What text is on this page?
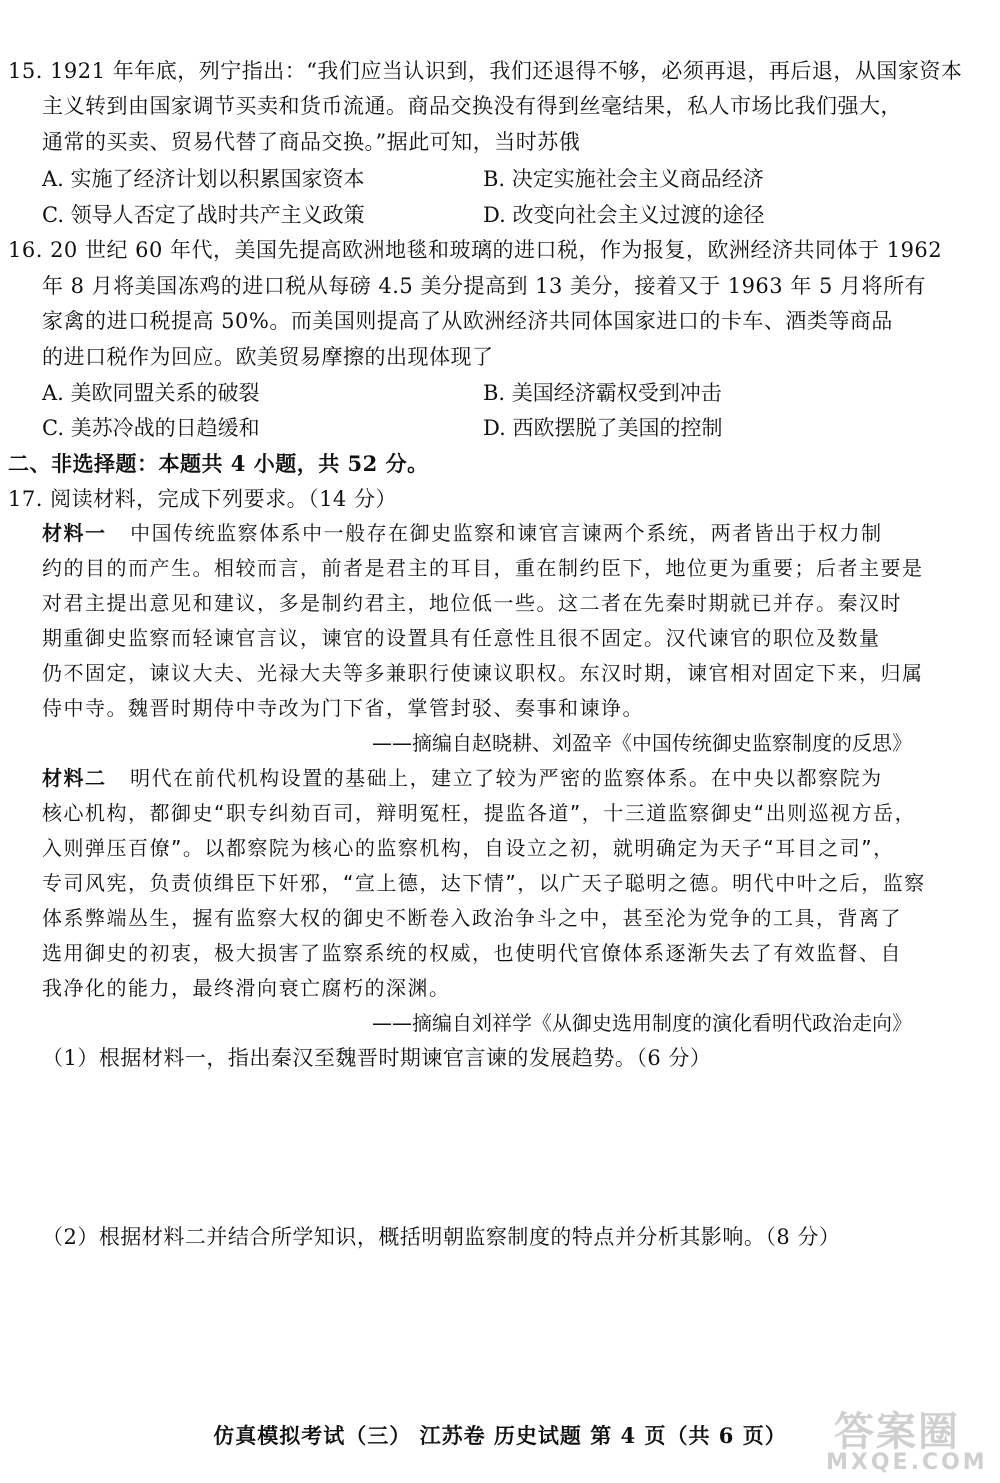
15. 1921 年年底，列宁指出：“我们应当认识到，我们还退得不够，必须再退，再后退，从国家资本
主义转到由国家调节买卖和货币流通。商品交换没有得到丝毫结果，私人市场比我们强大，
通常的买卖、贸易代替了商品交换。”据此可知，当时苏俄
A. 实施了经济计划以积累国家资本	B. 决定实施社会主义商品经济
C. 领导人否定了战时共产主义政策	D. 改变向社会主义过渡的途径
16. 20 世纪 60 年代，美国先提高欧洲地毯和玻璃的进口税，作为报复，欧洲经济共同体于 1962
年 8 月将美国冻鸡的进口税从每磅 4.5 美分提高到 13 美分，接着又于 1963 年 5 月将所有
家禽的进口税提高 50%。而美国则提高了从欧洲经济共同体国家进口的卡车、酒类等商品
的进口税作为回应。欧美贸易摩擦的出现体现了
A. 美欧同盟关系的破裂	B. 美国经济霸权受到冲击
C. 美苏冷战的日趋缓和	D. 西欧摆脱了美国的控制
二、非选择题：本题共 4 小题，共 52 分。
17. 阅读材料，完成下列要求。（14 分）
材料一 中国传统监察体系中一般存在御史监察和谏官言谏两个系统，两者皆出于权力制
约的目的而产生。相较而言，前者是君主的耳目，重在制约臣下，地位更为重要；后者主要是
对君主提出意见和建议，多是制约君主，地位低一些。这二者在先秦时期就已并存。秦汉时
期重御史监察而轻谏官言议，谏官的设置具有任意性且很不固定。汉代谏官的职位及数量
仍不固定，谏议大夫、光禄大夫等多兼职行使谏议职权。东汉时期，谏官相对固定下来，归属
侍中寺。魏晋时期侍中寺改为门下省，掌管封驳、奏事和谏诤。
——摘编自赵晓耕、刘盈辛《中国传统御史监察制度的反思》
材料二 明代在前代机构设置的基础上，建立了较为严密的监察体系。在中央以都察院为
核心机构，都御史“职专纠劾百司，辩明冤枉，提监各道”，十三道监察御史“出则巡视方岳，
入则弹压百僚”。以都察院为核心的监察机构，自设立之初，就明确定为天子“耳目之司”，
专司风宪，负责侦缉臣下奸邪，“宣上德，达下情”，以广天子聪明之德。明代中叶之后，监察
体系弊端丛生，握有监察大权的御史不断卷入政治争斗之中，甚至沦为党争的工具，背离了
选用御史的初衷，极大损害了监察系统的权威，也使明代官僚体系逐渐失去了有效监督、自
我净化的能力，最终滑向衰亡腐朽的深渊。
——摘编自刘祥学《从御史选用制度的演化看明代政治走向》
（1）根据材料一，指出秦汉至魏晋时期谏官言谏的发展趋势。（6 分）
（2）根据材料二并结合所学知识，概括明朝监察制度的特点并分析其影响。（8 分）
仿真模拟考试（三） 江苏卷 历史试题 第 4 页（共 6 页）	答案圈
MXQE.COM
